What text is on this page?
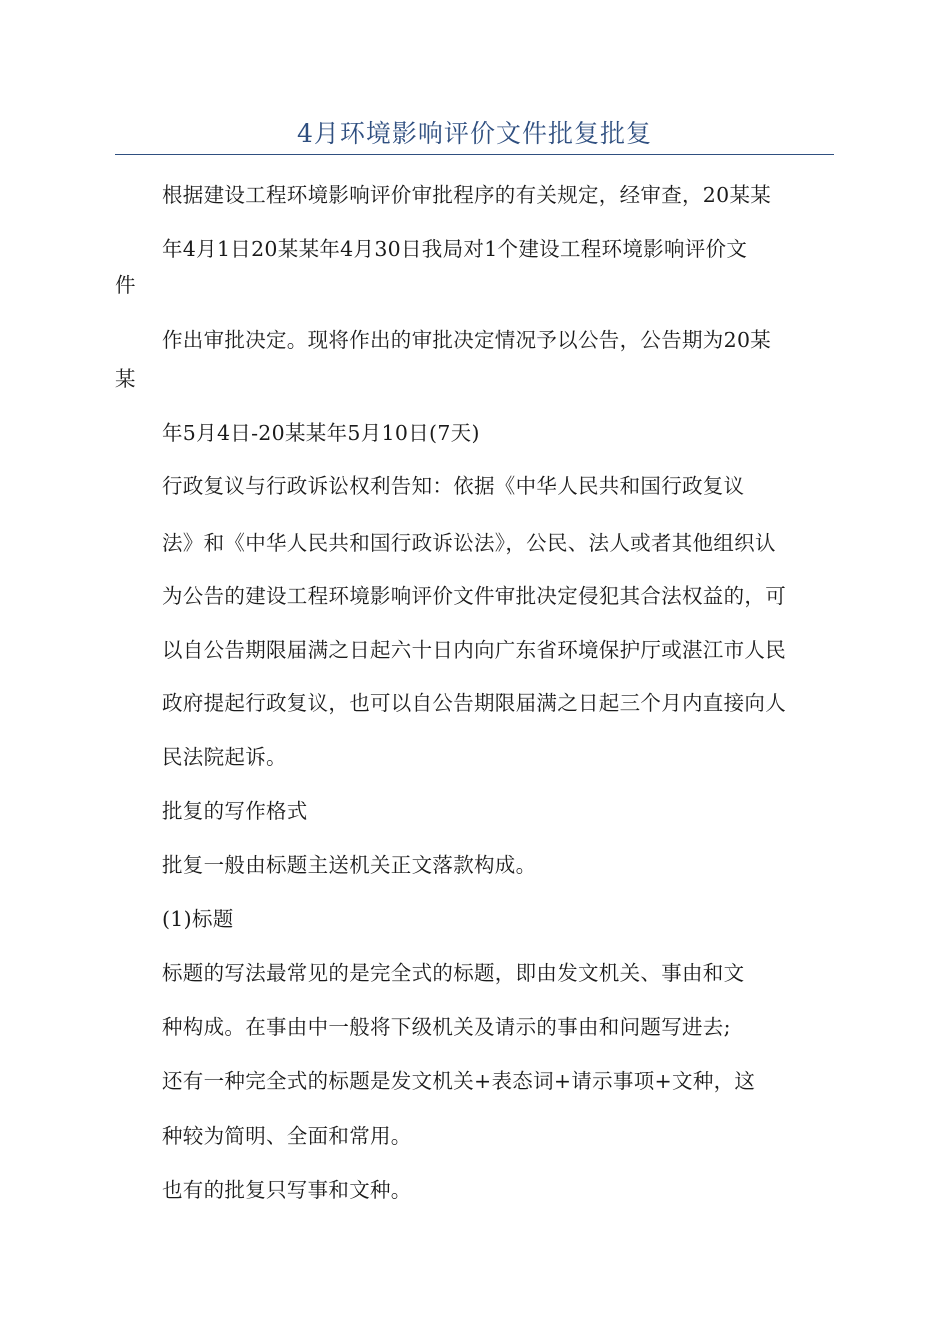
4月环境影响评价文件批复批复
根据建设工程环境影响评价审批程序的有关规定，经审查，20某某
年4月1日20某某年4月30日我局对1个建设工程环境影响评价文
件
作出审批决定。现将作出的审批决定情况予以公告，公告期为20某
某
年5月4日-20某某年5月10日(7天)
行政复议与行政诉讼权利告知：依据《中华人民共和国行政复议
法》和《中华人民共和国行政诉讼法》，公民、法人或者其他组织认
为公告的建设工程环境影响评价文件审批决定侵犯其合法权益的，可
以自公告期限届满之日起六十日内向广东省环境保护厅或湛江市人民
政府提起行政复议，也可以自公告期限届满之日起三个月内直接向人
民法院起诉。
批复的写作格式
批复一般由标题主送机关正文落款构成。
(1)标题
标题的写法最常见的是完全式的标题，即由发文机关、事由和文
种构成。在事由中一般将下级机关及请示的事由和问题写进去;
还有一种完全式的标题是发文机关+表态词+请示事项+文种，这
种较为简明、全面和常用。
也有的批复只写事和文种。
